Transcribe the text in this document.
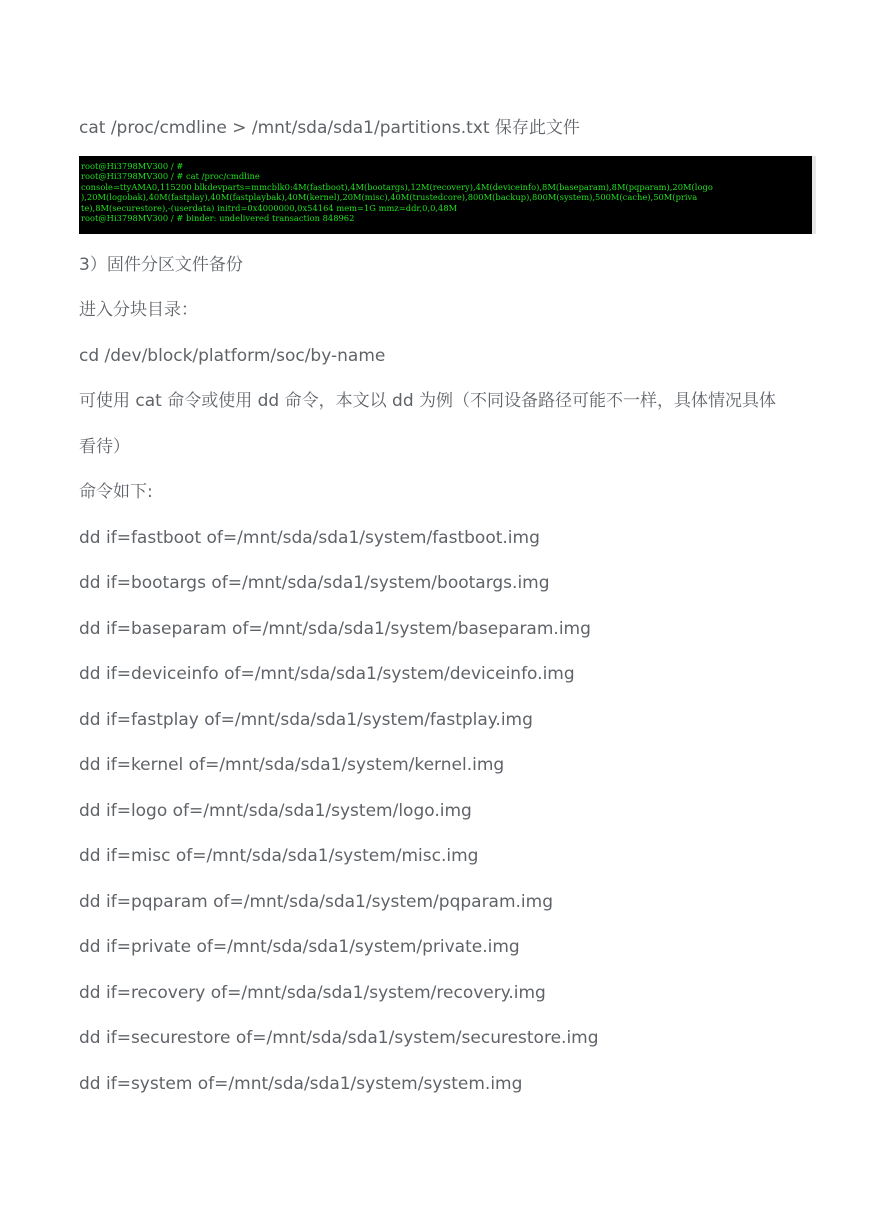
cat /proc/cmdline > /mnt/sda/sda1/partitions.txt 保存此文件
root@Hi3798MV300 / #
root@Hi3798MV300 / # cat /proc/cmdline
console=ttyAMA0,115200 blkdevparts=mmcblk0:4M(fastboot),4M(bootargs),12M(recovery),4M(deviceinfo),8M(baseparam),8M(pqparam),20M(logo
),20M(logobak),40M(fastplay),40M(fastplaybak),40M(kernel),20M(misc),40M(trustedcore),800M(backup),800M(system),500M(cache),50M(priva
te),8M(securestore),-(userdata) initrd=0x4000000,0x54164 mem=1G mmz=ddr,0,0,48M
root@Hi3798MV300 / # binder: undelivered transaction 848962
3）固件分区文件备份
进入分块目录：
cd /dev/block/platform/soc/by-name
可使用 cat 命令或使用 dd 命令，本文以 dd 为例（不同设备路径可能不一样，具体情况具体
看待）
命令如下:
dd if=fastboot of=/mnt/sda/sda1/system/fastboot.img
dd if=bootargs of=/mnt/sda/sda1/system/bootargs.img
dd if=baseparam of=/mnt/sda/sda1/system/baseparam.img
dd if=deviceinfo of=/mnt/sda/sda1/system/deviceinfo.img
dd if=fastplay of=/mnt/sda/sda1/system/fastplay.img
dd if=kernel of=/mnt/sda/sda1/system/kernel.img
dd if=logo of=/mnt/sda/sda1/system/logo.img
dd if=misc of=/mnt/sda/sda1/system/misc.img
dd if=pqparam of=/mnt/sda/sda1/system/pqparam.img
dd if=private of=/mnt/sda/sda1/system/private.img
dd if=recovery of=/mnt/sda/sda1/system/recovery.img
dd if=securestore of=/mnt/sda/sda1/system/securestore.img
dd if=system of=/mnt/sda/sda1/system/system.img
